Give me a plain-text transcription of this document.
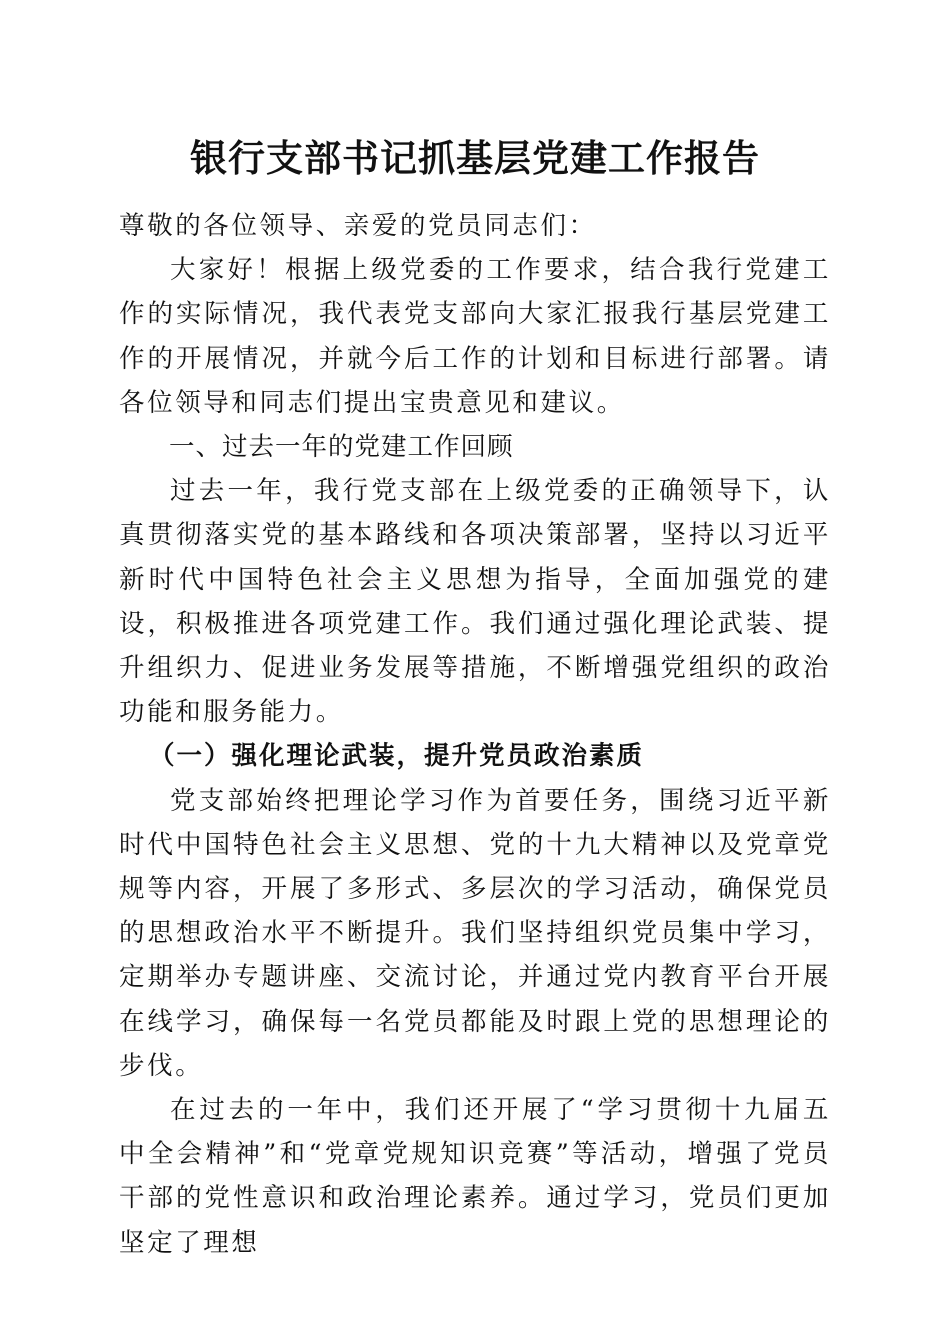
银行支部书记抓基层党建工作报告

尊敬的各位领导、亲爱的党员同志们：

大家好！根据上级党委的工作要求，结合我行党建工作的实际情况，我代表党支部向大家汇报我行基层党建工作的开展情况，并就今后工作的计划和目标进行部署。请各位领导和同志们提出宝贵意见和建议。

一、过去一年的党建工作回顾

过去一年，我行党支部在上级党委的正确领导下，认真贯彻落实党的基本路线和各项决策部署，坚持以习近平新时代中国特色社会主义思想为指导，全面加强党的建设，积极推进各项党建工作。我们通过强化理论武装、提升组织力、促进业务发展等措施，不断增强党组织的政治功能和服务能力。

（一）强化理论武装，提升党员政治素质

党支部始终把理论学习作为首要任务，围绕习近平新时代中国特色社会主义思想、党的十九大精神以及党章党规等内容，开展了多形式、多层次的学习活动，确保党员的思想政治水平不断提升。我们坚持组织党员集中学习，定期举办专题讲座、交流讨论，并通过党内教育平台开展在线学习，确保每一名党员都能及时跟上党的思想理论的步伐。

在过去的一年中，我们还开展了“学习贯彻十九届五中全会精神”和“党章党规知识竞赛”等活动，增强了党员干部的党性意识和政治理论素养。通过学习，党员们更加坚定了理想
